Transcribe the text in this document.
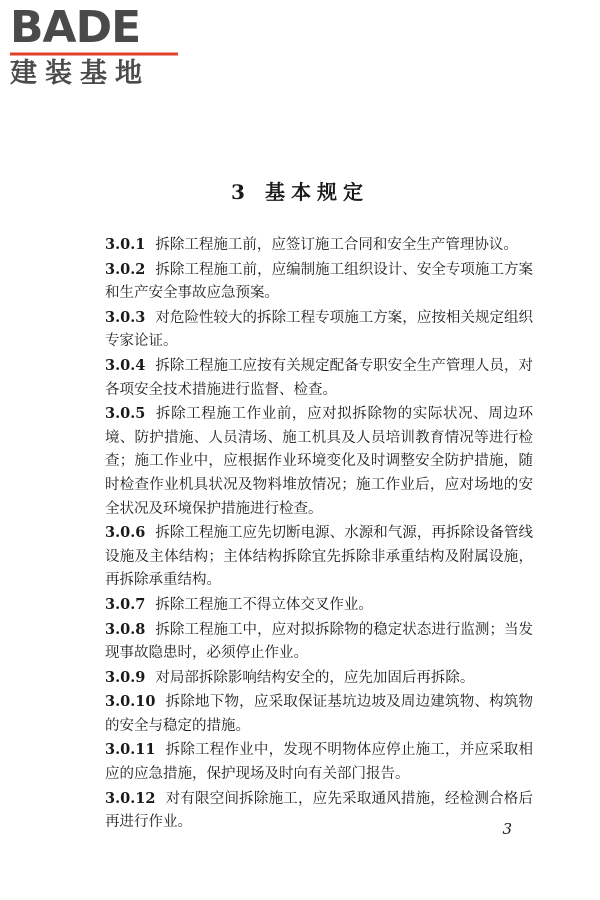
BADE
建装基地
3 基本规定

3.0.1 拆除工程施工前，应签订施工合同和安全生产管理协议。

3.0.2 拆除工程施工前，应编制施工组织设计、安全专项施工方案和生产安全事故应急预案。

3.0.3 对危险性较大的拆除工程专项施工方案，应按相关规定组织专家论证。

3.0.4 拆除工程施工应按有关规定配备专职安全生产管理人员，对各项安全技术措施进行监督、检查。

3.0.5 拆除工程施工作业前，应对拟拆除物的实际状况、周边环境、防护措施、人员清场、施工机具及人员培训教育情况等进行检查；施工作业中，应根据作业环境变化及时调整安全防护措施，随时检查作业机具状况及物料堆放情况；施工作业后，应对场地的安全状况及环境保护措施进行检查。

3.0.6 拆除工程施工应先切断电源、水源和气源，再拆除设备管线设施及主体结构；主体结构拆除宜先拆除非承重结构及附属设施，再拆除承重结构。

3.0.7 拆除工程施工不得立体交叉作业。

3.0.8 拆除工程施工中，应对拟拆除物的稳定状态进行监测；当发现事故隐患时，必须停止作业。

3.0.9 对局部拆除影响结构安全的，应先加固后再拆除。

3.0.10 拆除地下物，应采取保证基坑边坡及周边建筑物、构筑物的安全与稳定的措施。

3.0.11 拆除工程作业中，发现不明物体应停止施工，并应采取相应的应急措施，保护现场及时向有关部门报告。

3.0.12 对有限空间拆除施工，应先采取通风措施，经检测合格后再进行作业。	3
